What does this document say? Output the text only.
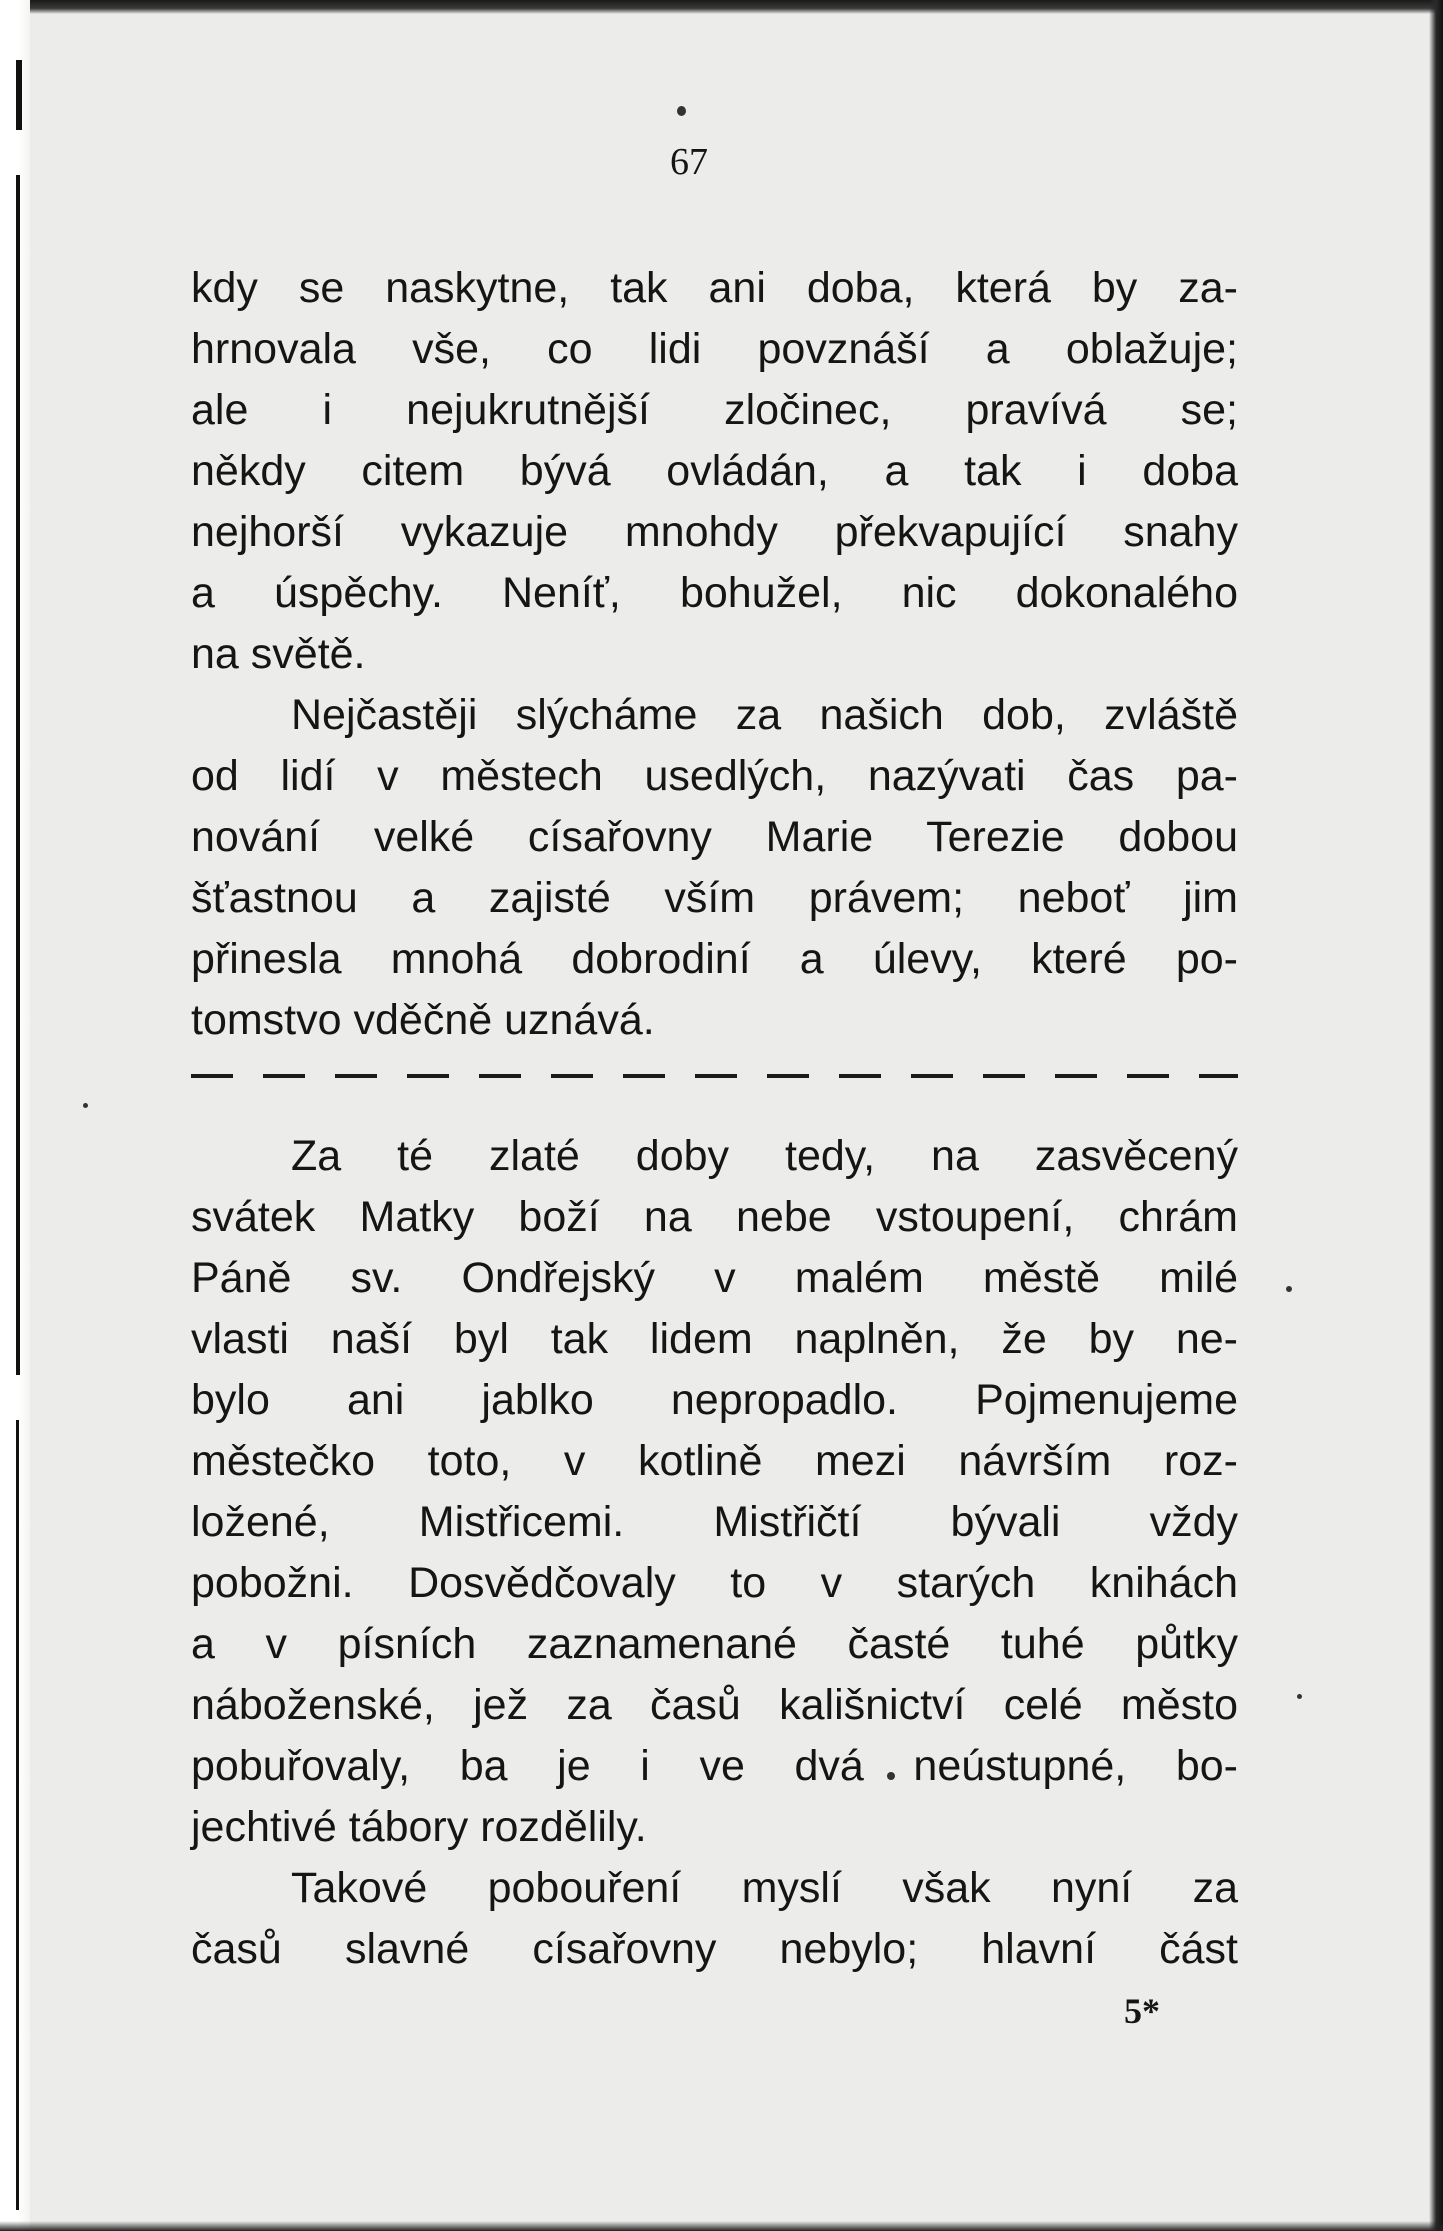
67
kdy se naskytne, tak ani doba, která by za-
hrnovala vše, co lidi povznáší a oblažuje;
ale i nejukrutnější zločinec, pravívá se;
někdy citem bývá ovládán, a tak i doba
nejhorší vykazuje mnohdy překvapující snahy
a úspěchy. Neníť, bohužel, nic dokonalého
na světě.
Nejčastěji slýcháme za našich dob, zvláště
od lidí v městech usedlých, nazývati čas pa-
nování velké císařovny Marie Terezie dobou
šťastnou a zajisté vším právem; neboť jim
přinesla mnohá dobrodiní a úlevy, které po-
tomstvo vděčně uznává.
Za té zlaté doby tedy, na zasvěcený
svátek Matky boží na nebe vstoupení, chrám
Páně sv. Ondřejský v malém městě milé
vlasti naší byl tak lidem naplněn, že by ne-
bylo ani jablko nepropadlo. Pojmenujeme
městečko toto, v kotlině mezi návrším roz-
ložené, Mistřicemi. Mistřičtí bývali vždy
pobožni. Dosvědčovaly to v starých knihách
a v písních zaznamenané časté tuhé půtky
náboženské, jež za časů kališnictví celé město
pobuřovaly, ba je i ve dvá neústupné, bo-
jechtivé tábory rozdělily.
Takové pobouření myslí však nyní za
časů slavné císařovny nebylo; hlavní část
5*
